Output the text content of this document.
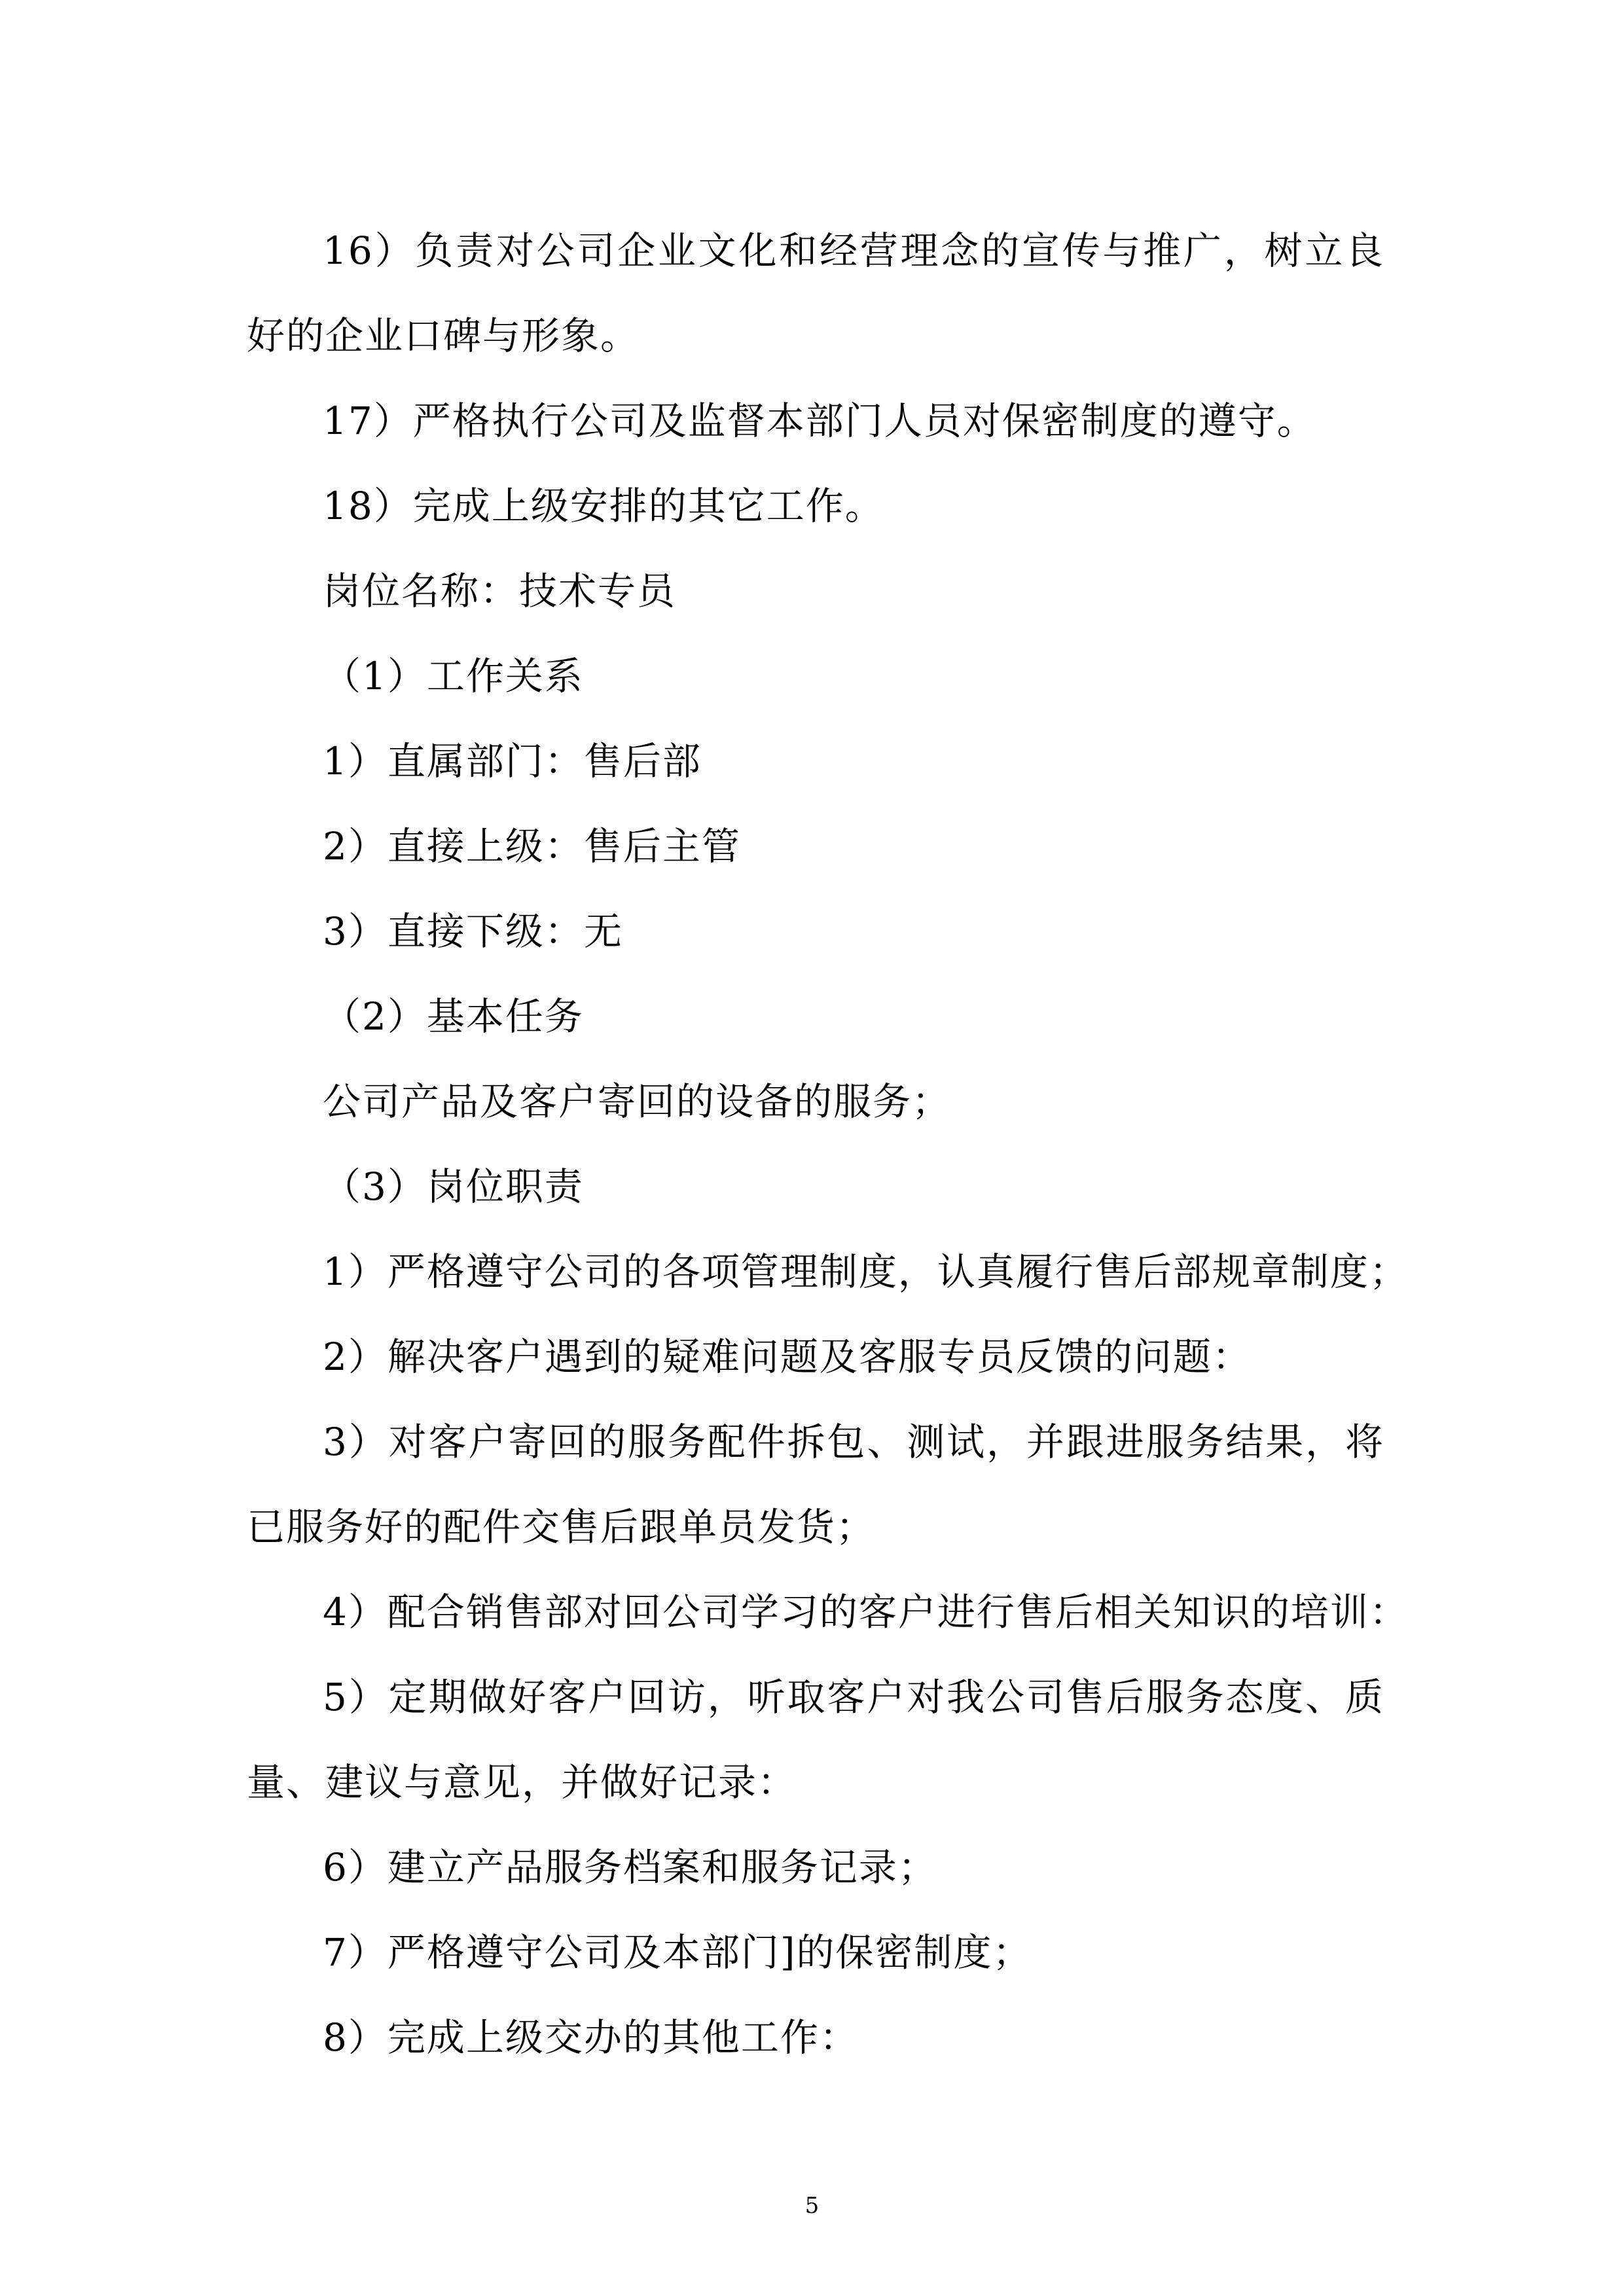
16）负责对公司企业文化和经营理念的宣传与推广，树立良好的企业口碑与形象。

17）严格执行公司及监督本部门人员对保密制度的遵守。

18）完成上级安排的其它工作。

岗位名称：技术专员

（1）工作关系

1）直属部门：售后部

2）直接上级：售后主管

3）直接下级：无

（2）基本任务

公司产品及客户寄回的设备的服务；

（3）岗位职责

1）严格遵守公司的各项管理制度，认真履行售后部规章制度；

2）解决客户遇到的疑难问题及客服专员反馈的问题：

3）对客户寄回的服务配件拆包、测试，并跟进服务结果，将已服务好的配件交售后跟单员发货；

4）配合销售部对回公司学习的客户进行售后相关知识的培训：

5）定期做好客户回访，听取客户对我公司售后服务态度、质量、建议与意见，并做好记录：

6）建立产品服务档案和服务记录；

7）严格遵守公司及本部门]的保密制度；

8）完成上级交办的其他工作：

5
